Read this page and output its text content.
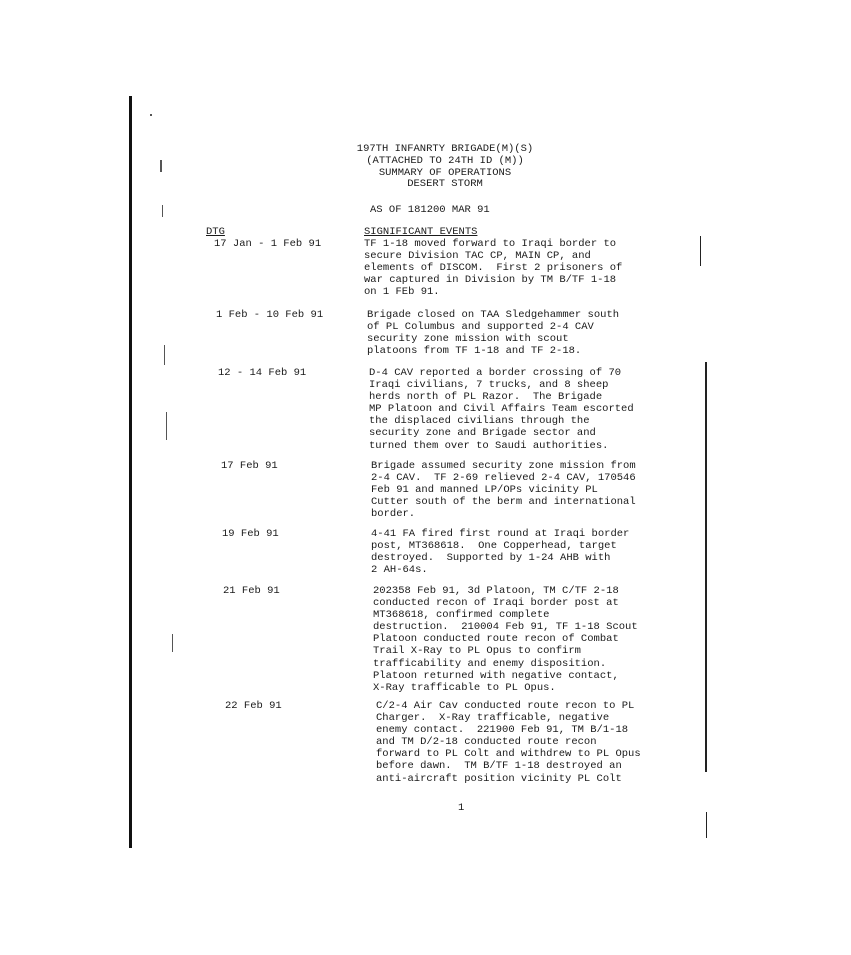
197TH INFANRTY BRIGADE(M)(S)
(ATTACHED TO 24TH ID (M))
SUMMARY OF OPERATIONS
DESERT STORM
AS OF 181200 MAR 91
DTG	SIGNIFICANT EVENTS
17 Jan - 1 Feb 91	TF 1-18 moved forward to Iraqi border to
secure Division TAC CP, MAIN CP, and
elements of DISCOM.  First 2 prisoners of
war captured in Division by TM B/TF 1-18
on 1 FEb 91.
1 Feb - 10 Feb 91	Brigade closed on TAA Sledgehammer south
of PL Columbus and supported 2-4 CAV
security zone mission with scout
platoons from TF 1-18 and TF 2-18.
12 - 14 Feb 91	D-4 CAV reported a border crossing of 70
Iraqi civilians, 7 trucks, and 8 sheep
herds north of PL Razor.  The Brigade
MP Platoon and Civil Affairs Team escorted
the displaced civilians through the
security zone and Brigade sector and
turned them over to Saudi authorities.
17 Feb 91	Brigade assumed security zone mission from
2-4 CAV.  TF 2-69 relieved 2-4 CAV, 170546
Feb 91 and manned LP/OPs vicinity PL
Cutter south of the berm and international
border.
19 Feb 91	4-41 FA fired first round at Iraqi border
post, MT368618.  One Copperhead, target
destroyed.  Supported by 1-24 AHB with
2 AH-64s.
21 Feb 91	202358 Feb 91, 3d Platoon, TM C/TF 2-18
conducted recon of Iraqi border post at
MT368618, confirmed complete
destruction.  210004 Feb 91, TF 1-18 Scout
Platoon conducted route recon of Combat
Trail X-Ray to PL Opus to confirm
trafficability and enemy disposition.
Platoon returned with negative contact,
X-Ray trafficable to PL Opus.
22 Feb 91	C/2-4 Air Cav conducted route recon to PL
Charger.  X-Ray trafficable, negative
enemy contact.  221900 Feb 91, TM B/1-18
and TM D/2-18 conducted route recon
forward to PL Colt and withdrew to PL Opus
before dawn.  TM B/TF 1-18 destroyed an
anti-aircraft position vicinity PL Colt
1
